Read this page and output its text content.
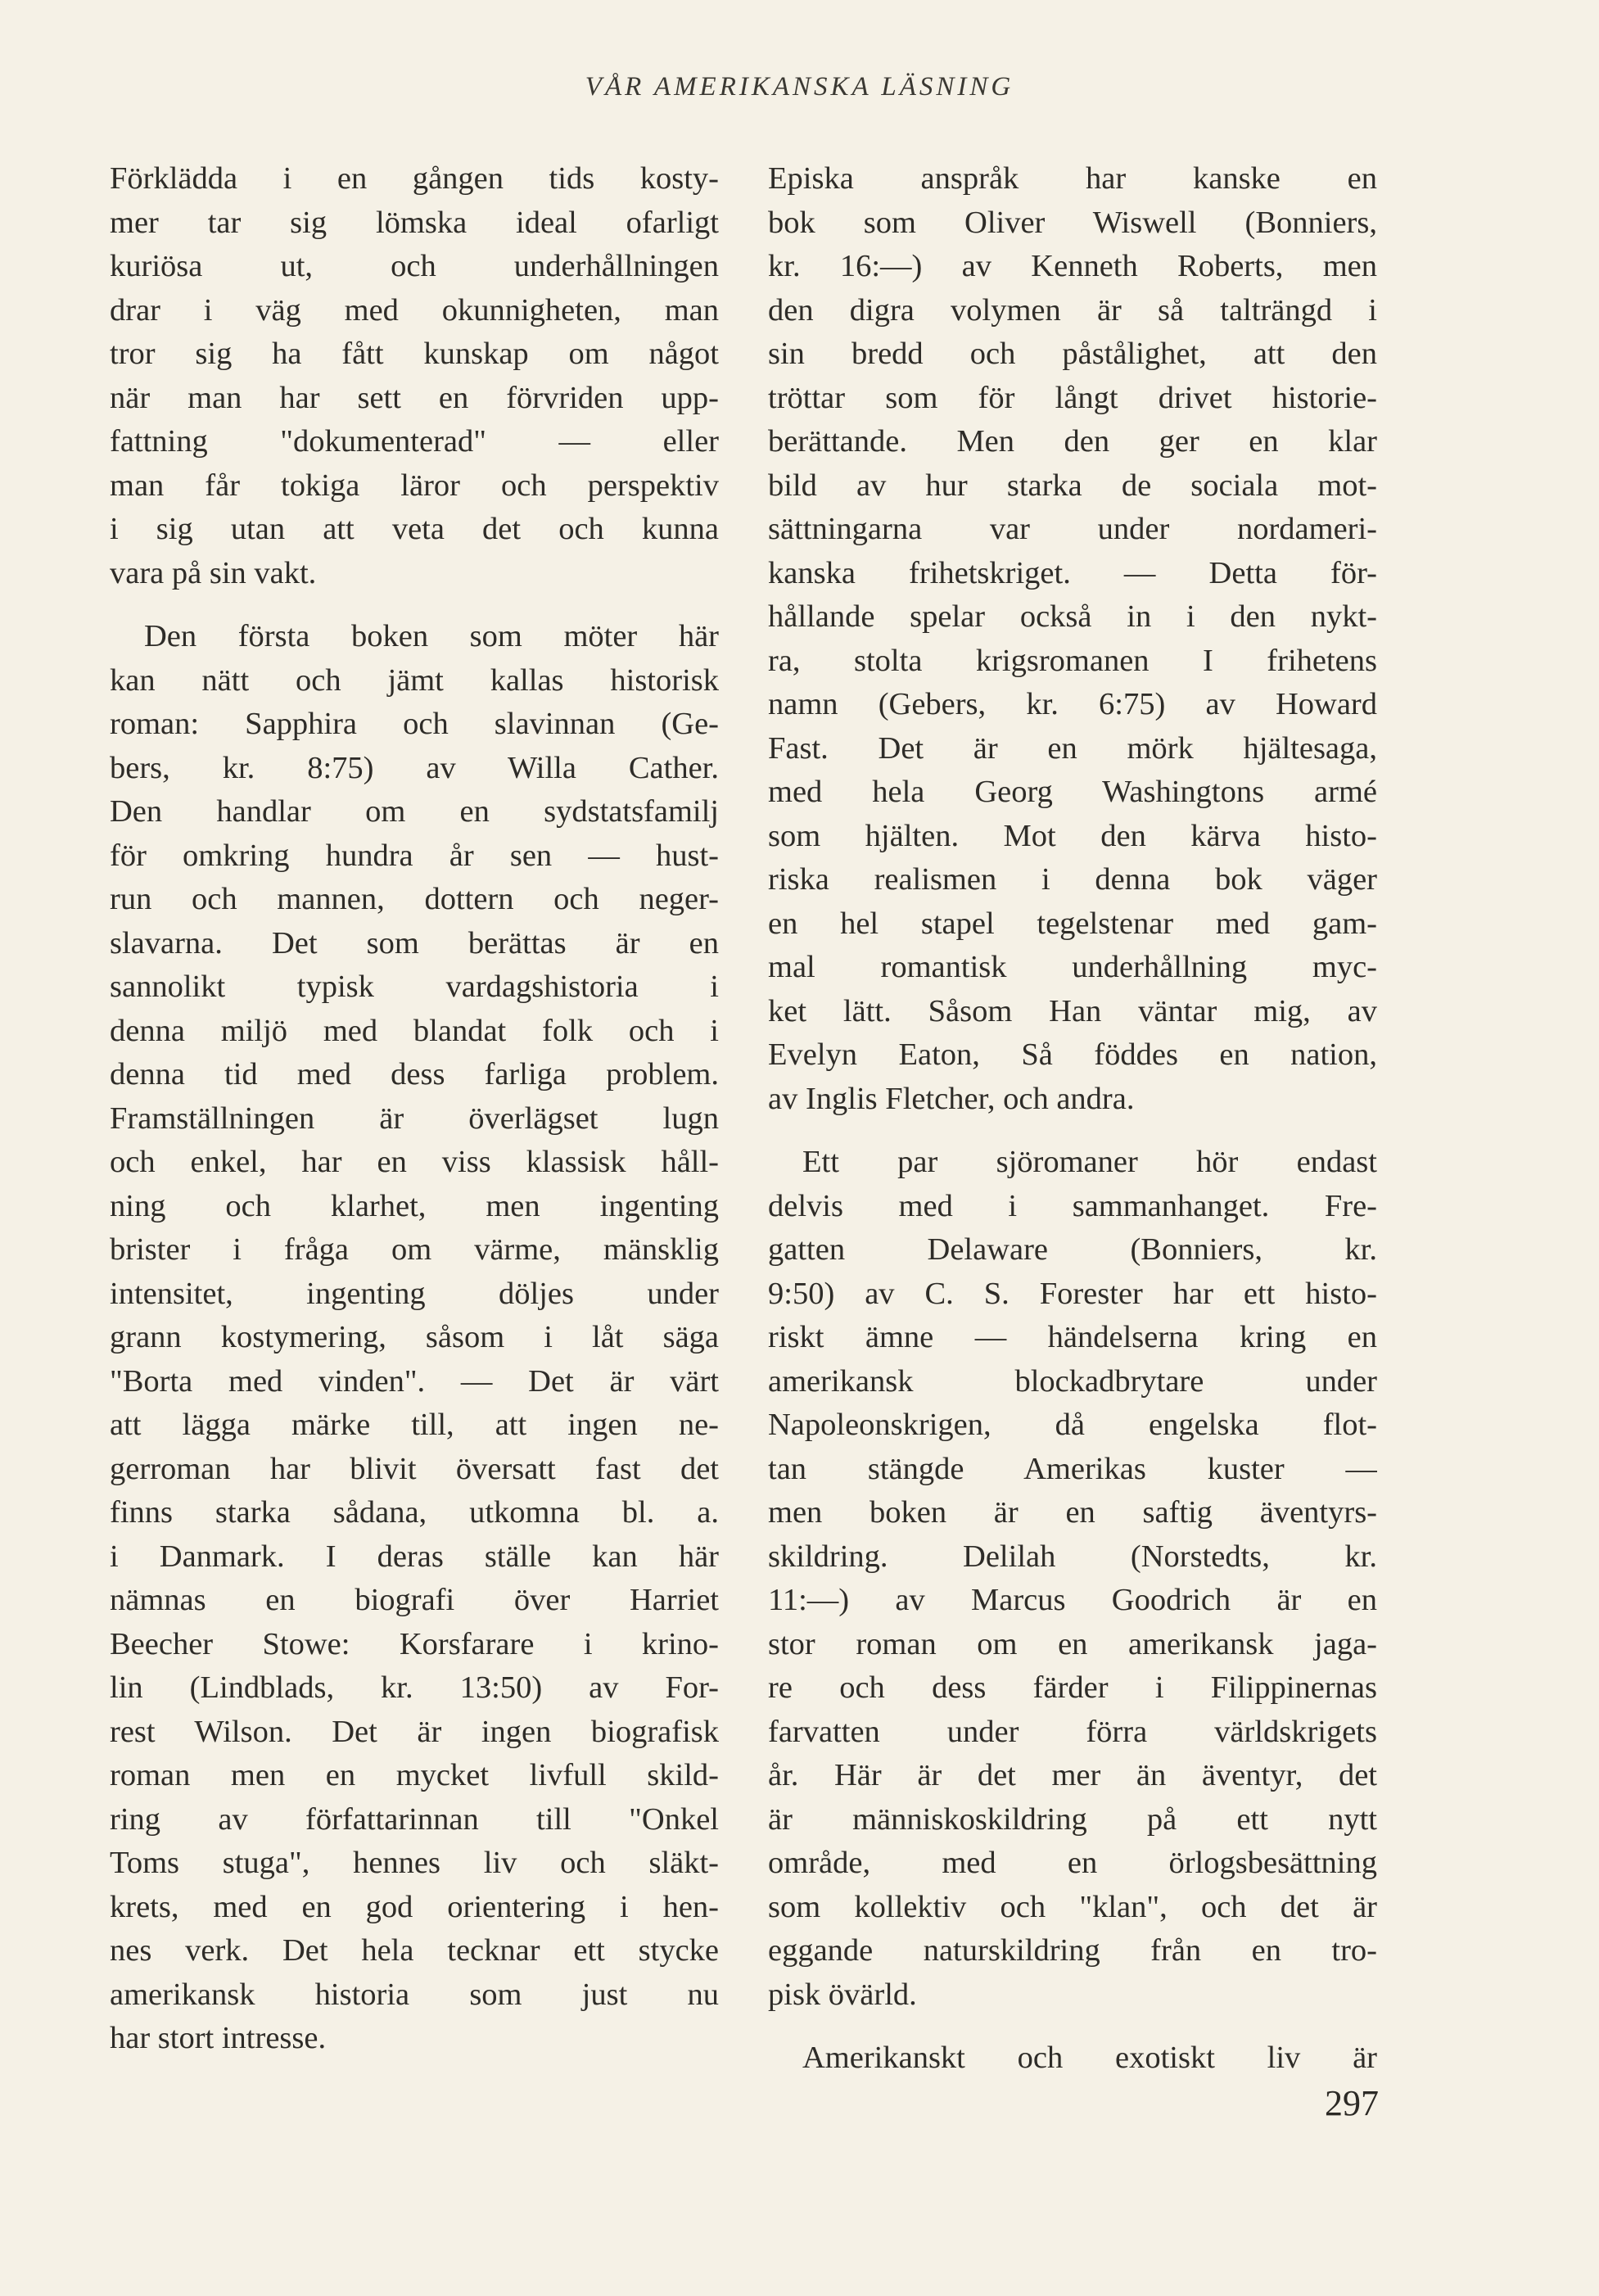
VÅR AMERIKANSKA LÄSNING
Förklädda i en gången tids kosty-
mer tar sig lömska ideal ofarligt
kuriösa ut, och underhållningen
drar i väg med okunnigheten, man
tror sig ha fått kunskap om något
när man har sett en förvriden upp-
fattning "dokumenterad" — eller
man får tokiga läror och perspektiv
i sig utan att veta det och kunna
vara på sin vakt.
Den första boken som möter här
kan nätt och jämt kallas historisk
roman: Sapphira och slavinnan (Ge-
bers, kr. 8:75) av Willa Cather.
Den handlar om en sydstatsfamilj
för omkring hundra år sen — hust-
run och mannen, dottern och neger-
slavarna. Det som berättas är en
sannolikt typisk vardagshistoria i
denna miljö med blandat folk och i
denna tid med dess farliga problem.
Framställningen är överlägset lugn
och enkel, har en viss klassisk håll-
ning och klarhet, men ingenting
brister i fråga om värme, mänsklig
intensitet, ingenting döljes under
grann kostymering, såsom i låt säga
"Borta med vinden". — Det är värt
att lägga märke till, att ingen ne-
gerroman har blivit översatt fast det
finns starka sådana, utkomna bl. a.
i Danmark. I deras ställe kan här
nämnas en biografi över Harriet
Beecher Stowe: Korsfarare i krino-
lin (Lindblads, kr. 13:50) av For-
rest Wilson. Det är ingen biografisk
roman men en mycket livfull skild-
ring av författarinnan till "Onkel
Toms stuga", hennes liv och släkt-
krets, med en god orientering i hen-
nes verk. Det hela tecknar ett stycke
amerikansk historia som just nu
har stort intresse.
Episka anspråk har kanske en
bok som Oliver Wiswell (Bonniers,
kr. 16:—) av Kenneth Roberts, men
den digra volymen är så talträngd i
sin bredd och påstålighet, att den
tröttar som för långt drivet historie-
berättande. Men den ger en klar
bild av hur starka de sociala mot-
sättningarna var under nordameri-
kanska frihetskriget. — Detta för-
hållande spelar också in i den nykt-
ra, stolta krigsromanen I frihetens
namn (Gebers, kr. 6:75) av Howard
Fast. Det är en mörk hjältesaga,
med hela Georg Washingtons armé
som hjälten. Mot den kärva histo-
riska realismen i denna bok väger
en hel stapel tegelstenar med gam-
mal romantisk underhållning myc-
ket lätt. Såsom Han väntar mig, av
Evelyn Eaton, Så föddes en nation,
av Inglis Fletcher, och andra.
Ett par sjöromaner hör endast
delvis med i sammanhanget. Fre-
gatten Delaware (Bonniers, kr.
9:50) av C. S. Forester har ett histo-
riskt ämne — händelserna kring en
amerikansk blockadbrytare under
Napoleonskrigen, då engelska flot-
tan stängde Amerikas kuster —
men boken är en saftig äventyrs-
skildring. Delilah (Norstedts, kr.
11:—) av Marcus Goodrich är en
stor roman om en amerikansk jaga-
re och dess färder i Filippinernas
farvatten under förra världskrigets
år. Här är det mer än äventyr, det
är människoskildring på ett nytt
område, med en örlogsbesättning
som kollektiv och "klan", och det är
eggande naturskildring från en tro-
pisk övärld.
Amerikanskt och exotiskt liv är
297
